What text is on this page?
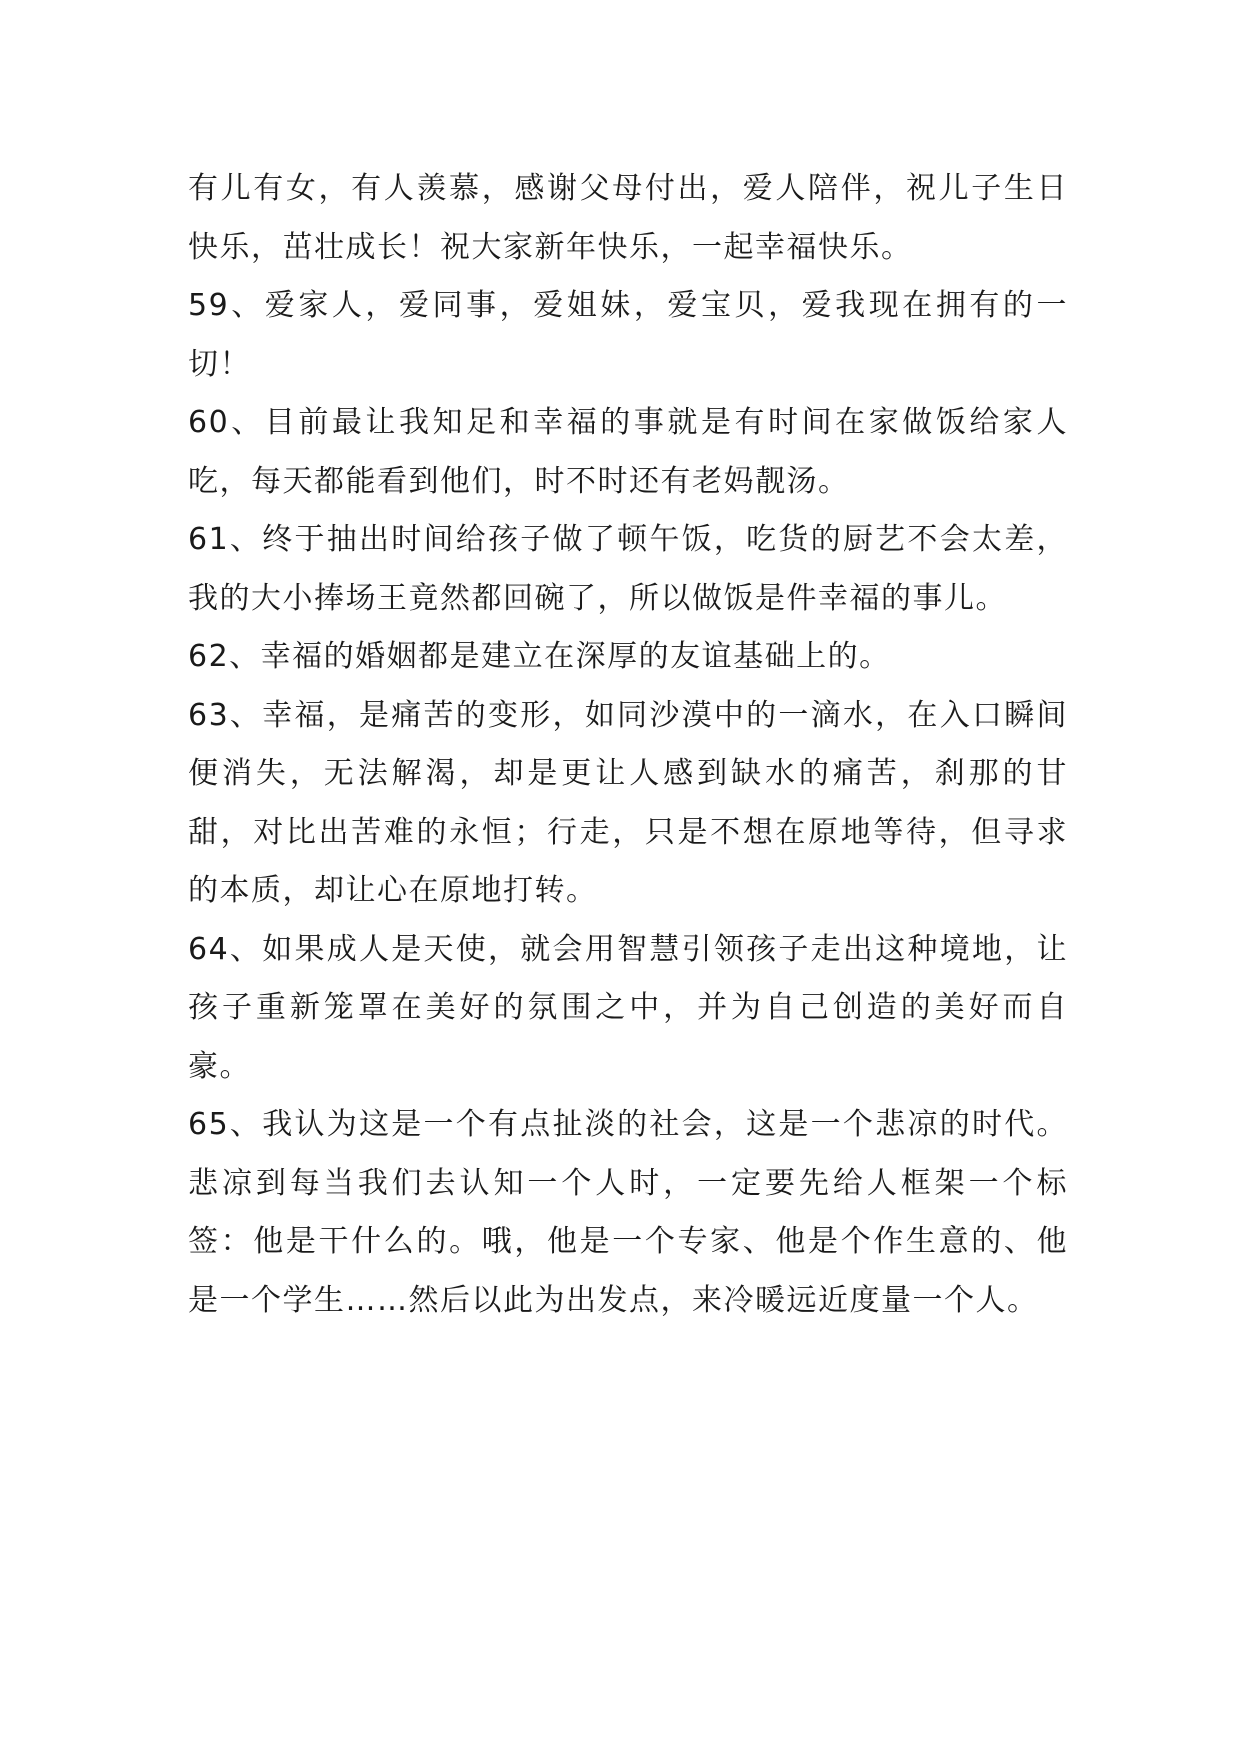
有儿有女，有人羡慕，感谢父母付出，爱人陪伴，祝儿子生日快乐，茁壮成长！祝大家新年快乐，一起幸福快乐。

59、爱家人，爱同事，爱姐妹，爱宝贝，爱我现在拥有的一切！

60、目前最让我知足和幸福的事就是有时间在家做饭给家人吃，每天都能看到他们，时不时还有老妈靓汤。

61、终于抽出时间给孩子做了顿午饭，吃货的厨艺不会太差，我的大小捧场王竟然都回碗了，所以做饭是件幸福的事儿。

62、幸福的婚姻都是建立在深厚的友谊基础上的。

63、幸福，是痛苦的变形，如同沙漠中的一滴水，在入口瞬间便消失，无法解渴，却是更让人感到缺水的痛苦，刹那的甘甜，对比出苦难的永恒；行走，只是不想在原地等待，但寻求的本质，却让心在原地打转。

64、如果成人是天使，就会用智慧引领孩子走出这种境地，让孩子重新笼罩在美好的氛围之中，并为自己创造的美好而自豪。

65、我认为这是一个有点扯淡的社会，这是一个悲凉的时代。悲凉到每当我们去认知一个人时，一定要先给人框架一个标签：他是干什么的。哦，他是一个专家、他是个作生意的、他是一个学生……然后以此为出发点，来冷暖远近度量一个人。
